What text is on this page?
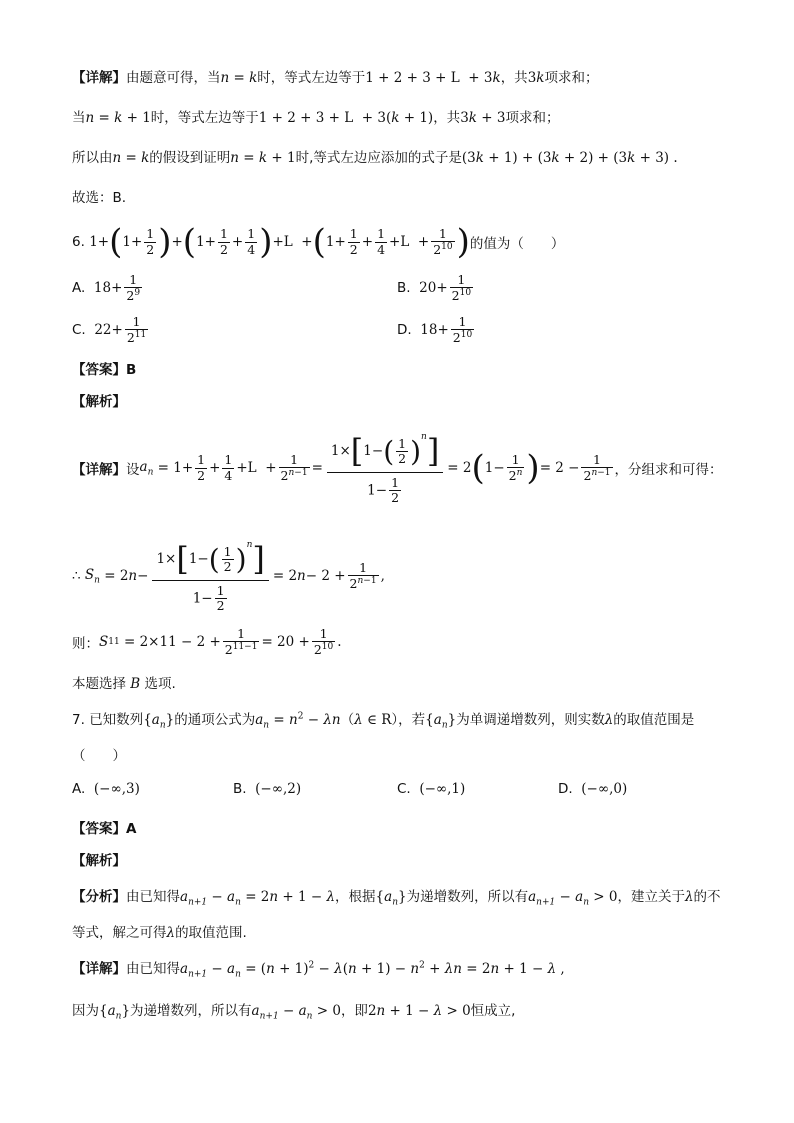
【详解】由题意可得，当n = k时，等式左边等于1 + 2 + 3 + L  + 3k，共3k项求和；
当n = k + 1时，等式左边等于1 + 2 + 3 + L  + 3(k + 1)，共3k + 3项求和；
所以由n = k的假设到证明n = k + 1时,等式左边应添加的式子是(3k + 1) + (3k + 2) + (3k + 3) .
故选：B.
6.
1+ ( $1+ \frac{1}{2}$ ) + ( $1+ \frac{1}{2} + \frac{1}{4}$ ) +L  + ( $1+ \frac{1}{2} + \frac{1}{4} +L + \frac{1}{2^{10}}$ ) 的值为（　　）
A.
$18 + \frac{1}{2^9}$	B.
$20 + \frac{1}{2^{10}}$
C.
$22 + \frac{1}{2^{11}}$	D.
$18 + \frac{1}{2^{10}}$
【答案】B
【解析】
【详解】 设 $a_n = 1+ \frac{1}{2} + \frac{1}{4} +L + \frac{1}{2^{n-1}} = \frac{1\times[1-( \frac{1}{2} )^n]}{1- \frac{1}{2}} = 2$ ( $1- \frac{1}{2^n}$ ) = $2 - \frac{1}{2^{n-1}}$ ，分组求和可得：
∴ $S_n = 2$ $n - \frac{1\times[1-( \frac{1}{2} )^n]}{1- \frac{1}{2}} = 2$ $n - 2 + \frac{1}{2^{n-1}}$ ,
则： S $11 = 2\times 11 - 2 + \frac{1}{2^{11-1}} = 20 + \frac{1}{2^{10}}$ .
本题选择 B 选项.
7. 已知数列$\{a_n\}$的通项公式为$a_n = n^2 - \lambda n(\lambda$ ∈ R），若$\{a_n\}$为单调递增数列，则实数λ的取值范围是
（　　）
A. (−∞,3)	B. (−∞,2)	C. (−∞,1)	D. (−∞,0)
【答案】A
【解析】
【分析】由已知得$a_{n+1} - a_n = 2n + 1 - \lambda$，根据$\{a_n\}$为递增数列，所以有$a_{n+1} - a_n > 0$，建立关于λ的不
等式，解之可得λ的取值范围.
【详解】由已知得$a_{n+1} - a_n = (n + 1)^2 - \lambda(n + 1) - n^2 + \lambda n = 2n + 1 - \lambda$ ,
因为$\{a_n\}$为递增数列，所以有$a_{n+1} - a_n > 0$，即2n + 1 − λ > 0恒成立,
